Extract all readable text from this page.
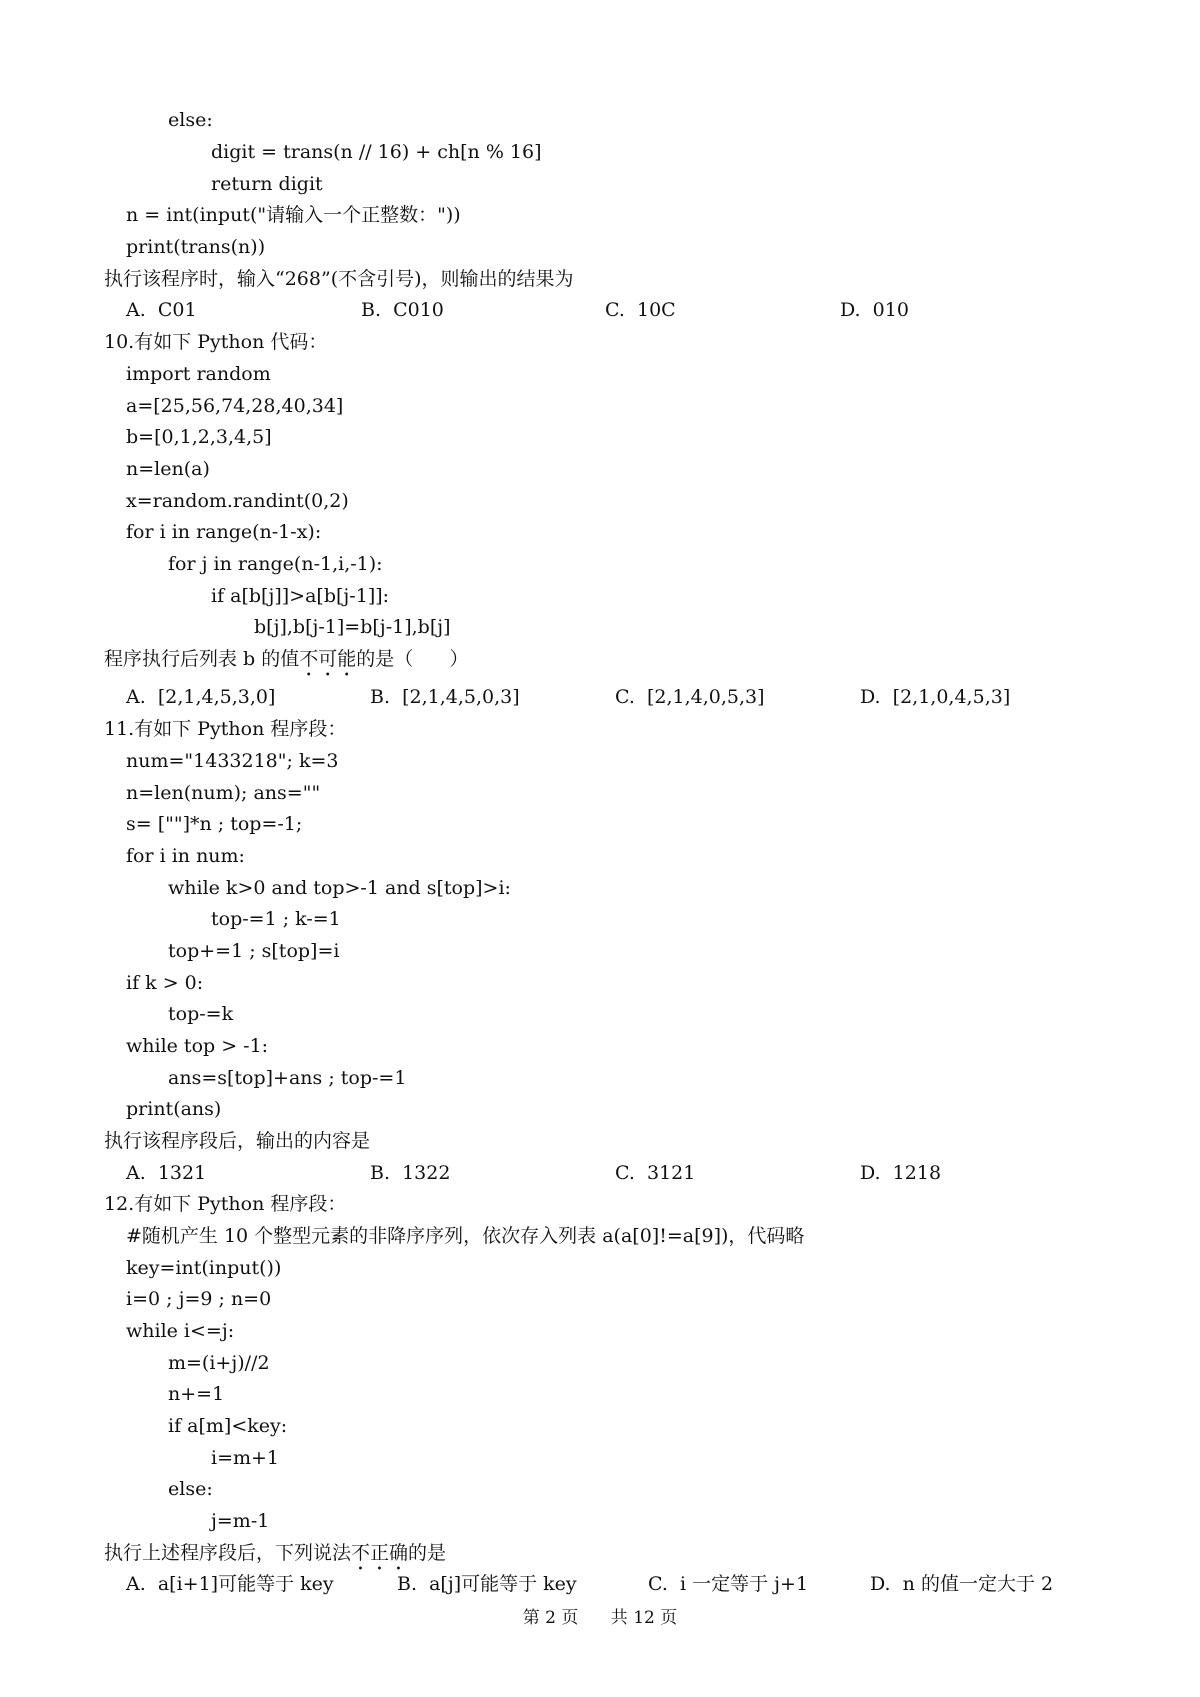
else:
digit = trans(n // 16) + ch[n % 16]
return digit
n = int(input("请输入一个正整数："))
print(trans(n))
执行该程序时，输入“268”(不含引号)，则输出的结果为
A.  C01	B.  C010	C.  10C	D.  010
10.有如下 Python 代码：
import random
a=[25,56,74,28,40,34]
b=[0,1,2,3,4,5]
n=len(a)
x=random.randint(0,2)
for i in range(n-1-x):
for j in range(n-1,i,-1):
if a[b[j]]>a[b[j-1]]:
b[j],b[j-1]=b[j-1],b[j]
程序执行后列表 b 的值不可能的是（      ）
A.  [2,1,4,5,3,0]	B.  [2,1,4,5,0,3]	C.  [2,1,4,0,5,3]	D.  [2,1,0,4,5,3]
11.有如下 Python 程序段：
num="1433218"; k=3
n=len(num); ans=""
s= [""]*n ; top=-1;
for i in num:
while k>0 and top>-1 and s[top]>i:
top-=1 ; k-=1
top+=1 ; s[top]=i
if k > 0:
top-=k
while top > -1:
ans=s[top]+ans ; top-=1
print(ans)
执行该程序段后，输出的内容是
A.  1321	B.  1322	C.  3121	D.  1218
12.有如下 Python 程序段：
#随机产生 10 个整型元素的非降序序列，依次存入列表 a(a[0]!=a[9])，代码略
key=int(input())
i=0 ; j=9 ; n=0
while i<=j:
m=(i+j)//2
n+=1
if a[m]<key:
i=m+1
else:
j=m-1
执行上述程序段后，下列说法不正确的是
A.  a[i+1]可能等于 key	B.  a[j]可能等于 key	C.  i 一定等于 j+1	D.  n 的值一定大于 2
第 2 页      共 12 页
